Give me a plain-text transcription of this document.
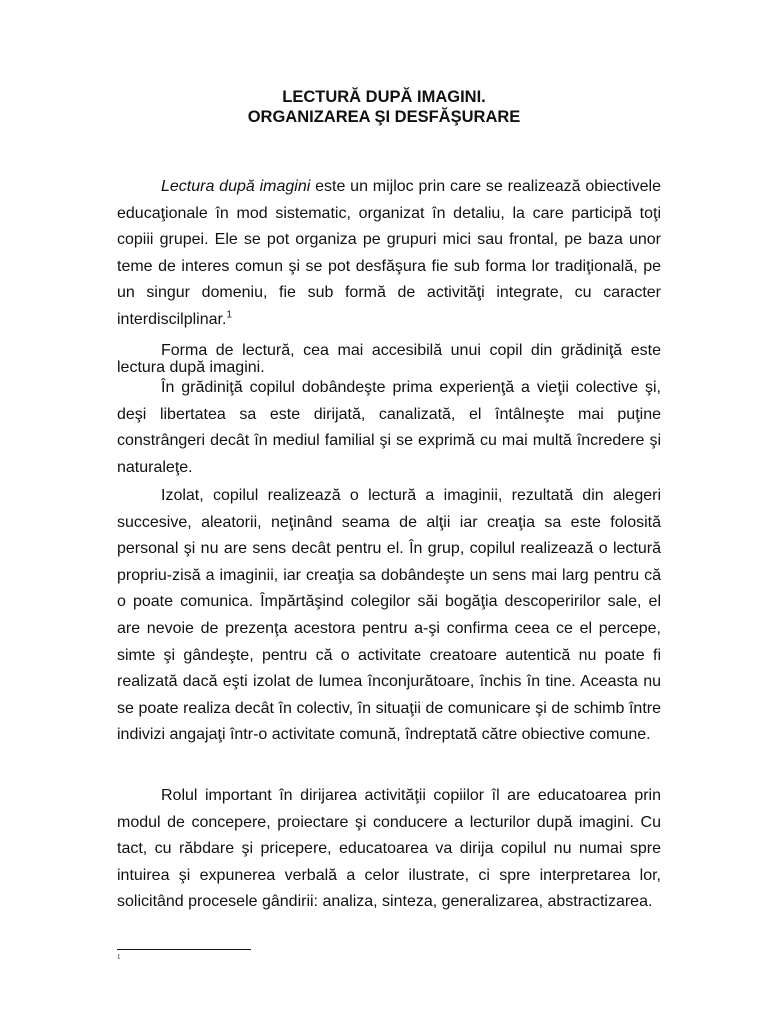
LECTURĂ DUPĂ IMAGINI.
ORGANIZAREA ŞI DESFĂŞURARE

Lectura după imagini este un mijloc prin care se realizează obiectivele educaţionale în mod sistematic, organizat în detaliu, la care participă toţi copiii grupei. Ele se pot organiza pe grupuri mici sau frontal, pe baza unor teme de interes comun şi se pot desfăşura fie sub forma lor tradiţională, pe un singur domeniu, fie sub formă de activităţi integrate, cu caracter interdiscilplinar.$^1$

Forma de lectură, cea mai accesibilă unui copil din grădiniţă este lectura după imagini.

În grădiniţă copilul dobândeşte prima experienţă a vieţii colective şi, deşi libertatea sa este dirijată, canalizată, el întâlneşte mai puţine constrângeri decât în mediul familial şi se exprimă cu mai multă încredere şi naturaleţe.

Izolat, copilul realizează o lectură a imaginii, rezultată din alegeri succesive, aleatorii, neţinând seama de alţii iar creaţia sa este folosită personal şi nu are sens decât pentru el. În grup, copilul realizează o lectură propriu-zisă a imaginii, iar creaţia sa dobândeşte un sens mai larg pentru că o poate comunica. Împărtăşind colegilor săi bogăţia descoperirilor sale, el are nevoie de prezenţa acestora pentru a-şi confirma ceea ce el percepe, simte şi gândeşte, pentru că o activitate creatoare autentică nu poate fi realizată dacă eşti izolat de lumea înconjurătoare, închis în tine. Aceasta nu se poate realiza decât în colectiv, în situaţii de comunicare şi de schimb între indivizi angajaţi într-o activitate comună, îndreptată către obiective comune.

Rolul important în dirijarea activităţii copiilor îl are educatoarea prin modul de concepere, proiectare şi conducere a lecturilor după imagini. Cu tact, cu răbdare şi pricepere, educatoarea va dirija copilul nu numai spre intuirea şi expunerea verbală a celor ilustrate, ci spre interpretarea lor, solicitând procesele gândirii: analiza, sinteza, generalizarea, abstractizarea.

1
